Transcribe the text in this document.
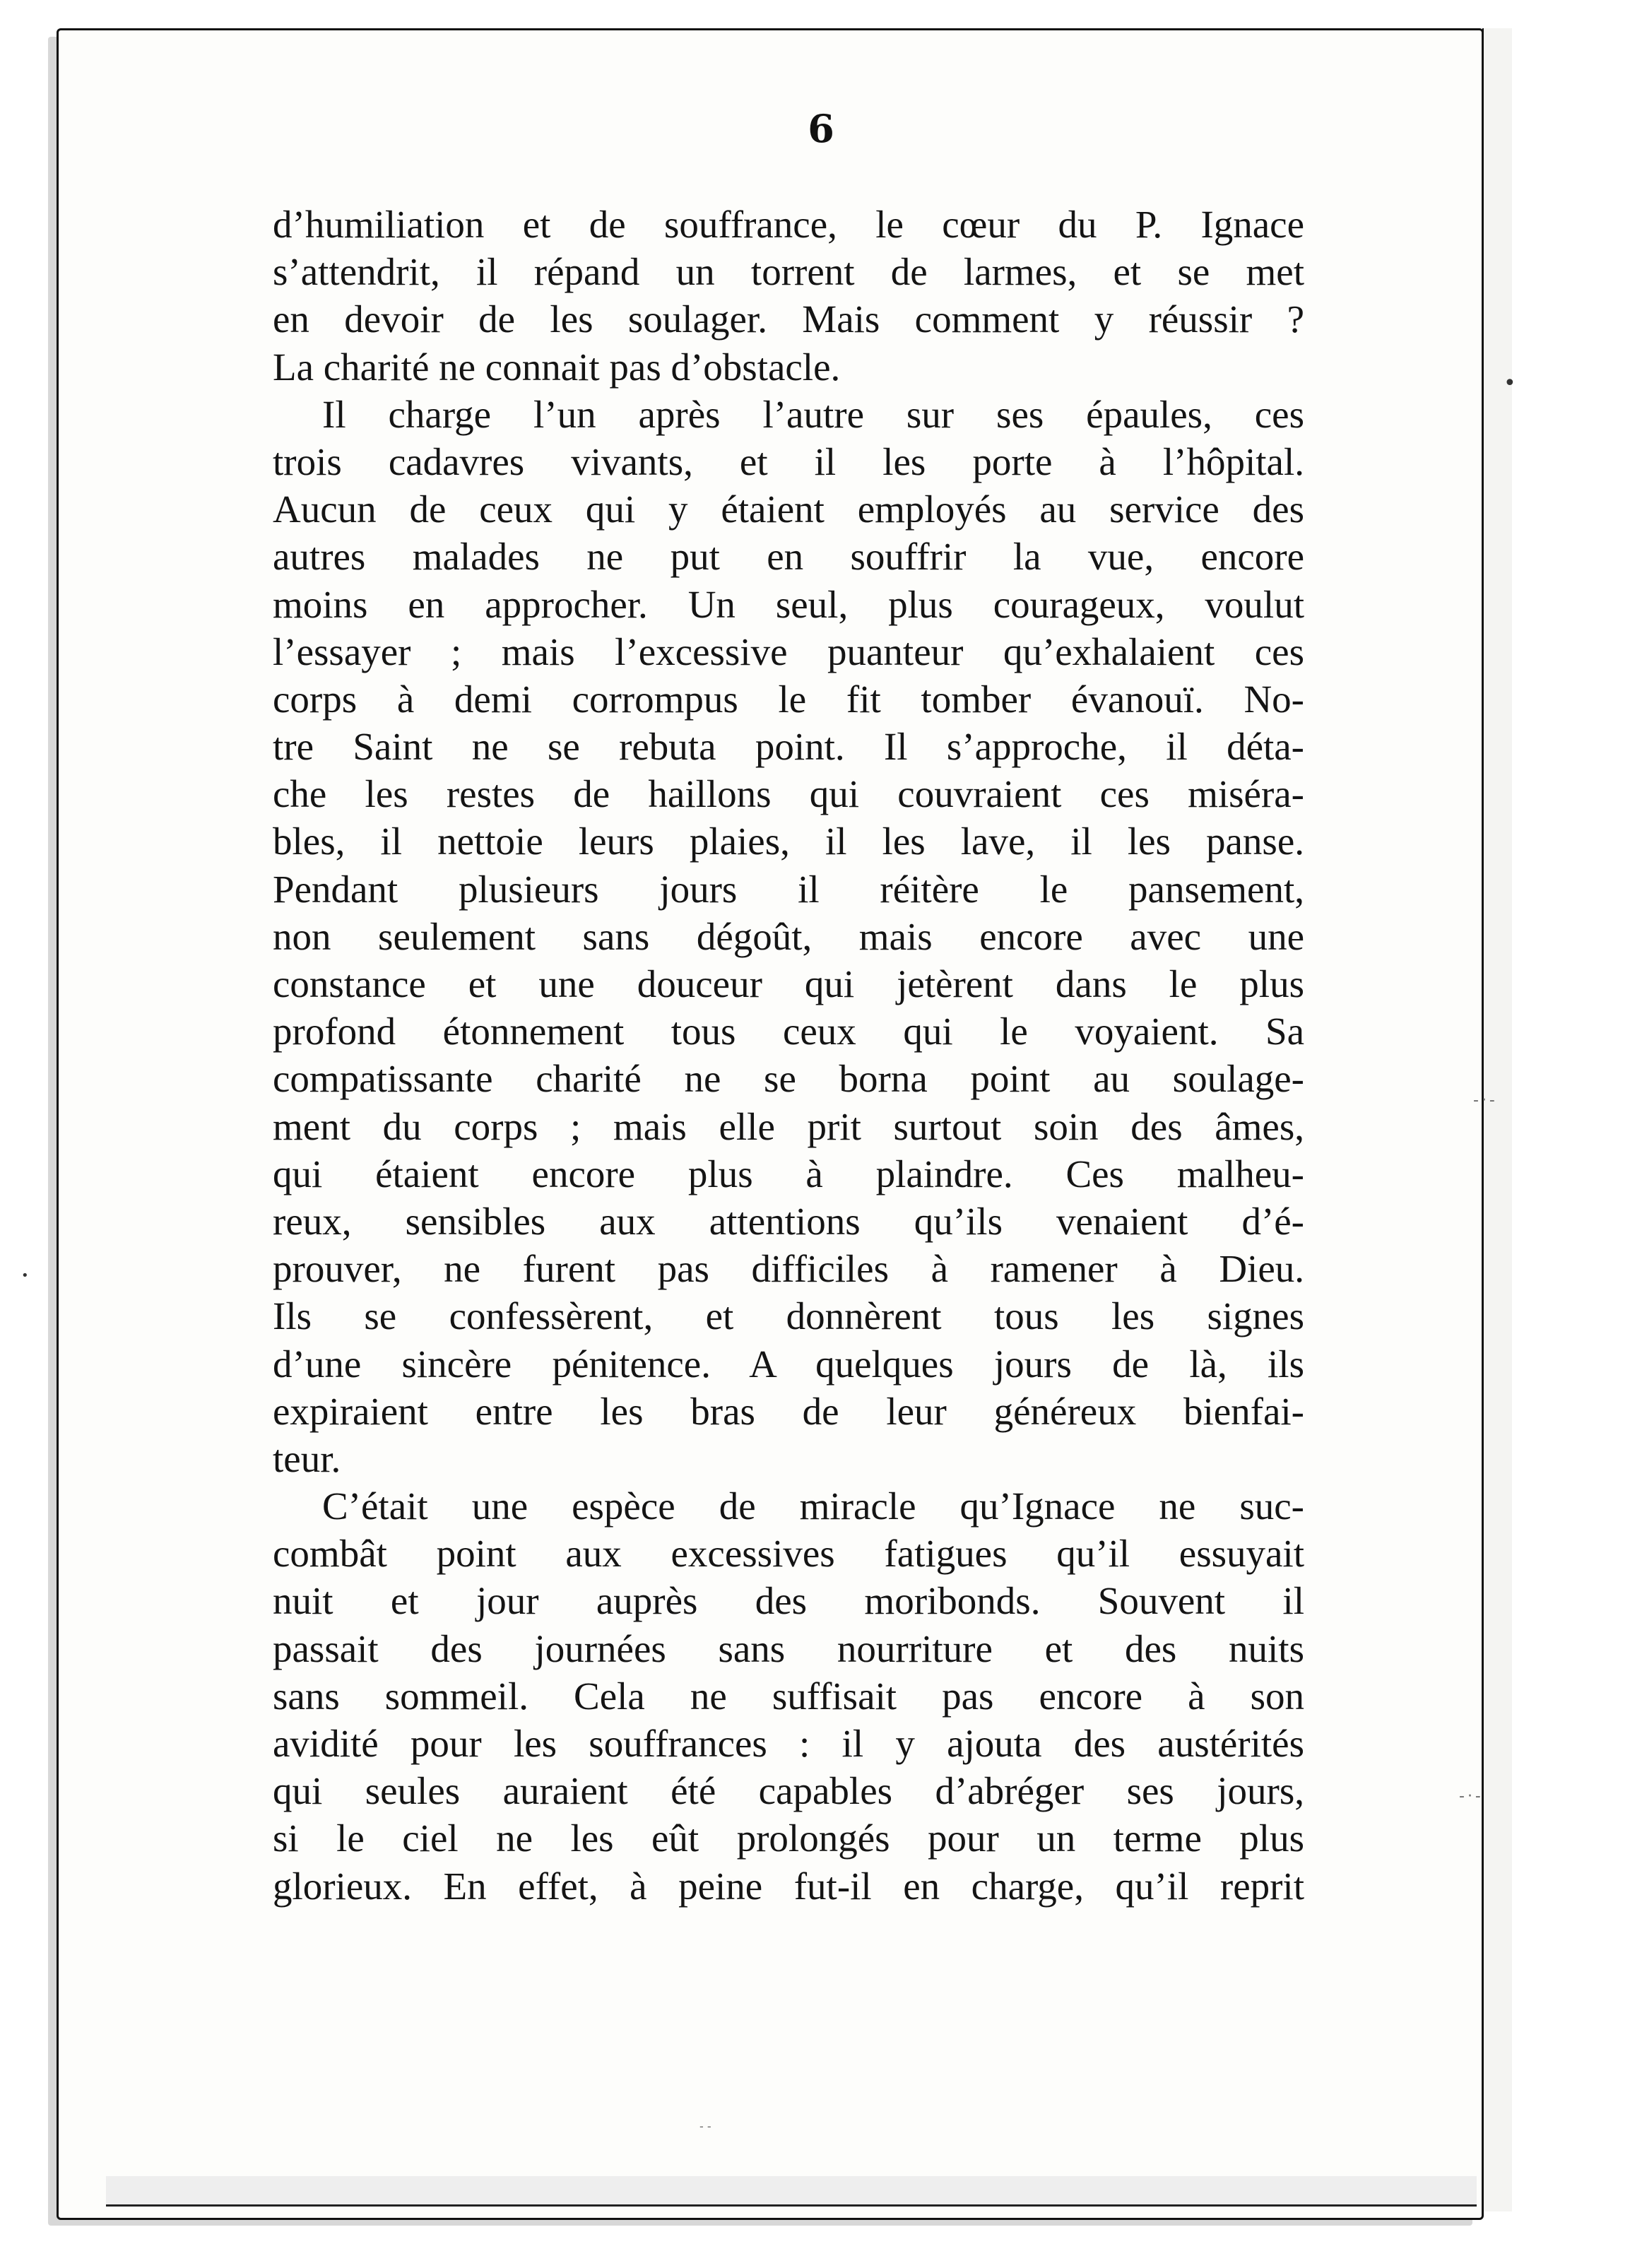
6
d’humiliation et de souffrance, le cœur du P. Ignace
s’attendrit, il répand un torrent de larmes, et se met
en devoir de les soulager. Mais comment y réussir ?
La charité ne connait pas d’obstacle.
Il charge l’un après l’autre sur ses épaules, ces
trois cadavres vivants, et il les porte à l’hôpital.
Aucun de ceux qui y étaient employés au service des
autres malades ne put en souffrir la vue, encore
moins en approcher. Un seul, plus courageux, voulut
l’essayer ; mais l’excessive puanteur qu’exhalaient ces
corps à demi corrompus le fit tomber évanouï. No-
tre Saint ne se rebuta point. Il s’approche, il déta-
che les restes de haillons qui couvraient ces miséra-
bles, il nettoie leurs plaies, il les lave, il les panse.
Pendant plusieurs jours il réitère le pansement,
non seulement sans dégoût, mais encore avec une
constance et une douceur qui jetèrent dans le plus
profond étonnement tous ceux qui le voyaient. Sa
compatissante charité ne se borna point au soulage-
ment du corps ; mais elle prit surtout soin des âmes,
qui étaient encore plus à plaindre. Ces malheu-
reux, sensibles aux attentions qu’ils venaient d’é-
prouver, ne furent pas difficiles à ramener à Dieu.
Ils se confessèrent, et donnèrent tous les signes
d’une sincère pénitence. A quelques jours de là, ils
expiraient entre les bras de leur généreux bienfai-
teur.
C’était une espèce de miracle qu’Ignace ne suc-
combât point aux excessives fatigues qu’il essuyait
nuit et jour auprès des moribonds. Souvent il
passait des journées sans nourriture et des nuits
sans sommeil. Cela ne suffisait pas encore à son
avidité pour les souffrances : il y ajouta des austérités
qui seules auraient été capables d’abréger ses jours,
si le ciel ne les eût prolongés pour un terme plus
glorieux. En effet, à peine fut-il en charge, qu’il reprit
•
-·-
-·-
•
- -
